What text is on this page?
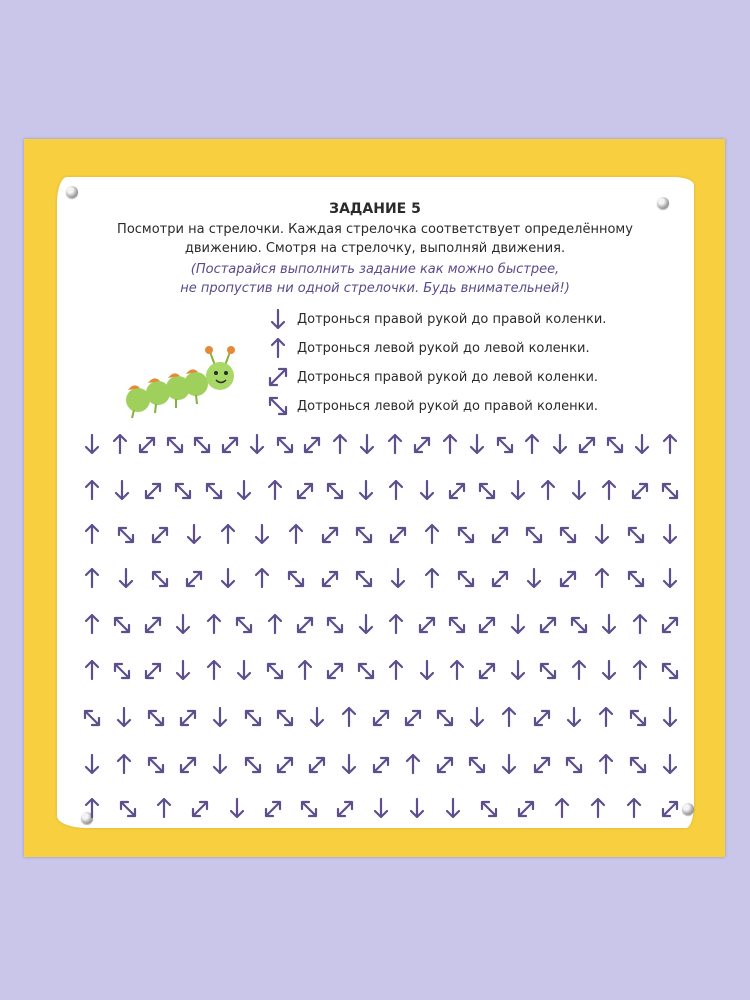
ЗАДАНИЕ 5
Посмотри на стрелочки. Каждая стрелочка соответствует определённому
движению. Смотря на стрелочку, выполняй движения.
(Постарайся выполнить задание как можно быстрее,
не пропустив ни одной стрелочки. Будь внимательней!)
Дотронься правой рукой до правой коленки.
Дотронься левой рукой до левой коленки.
Дотронься правой рукой до левой коленки.
Дотронься левой рукой до правой коленки.
